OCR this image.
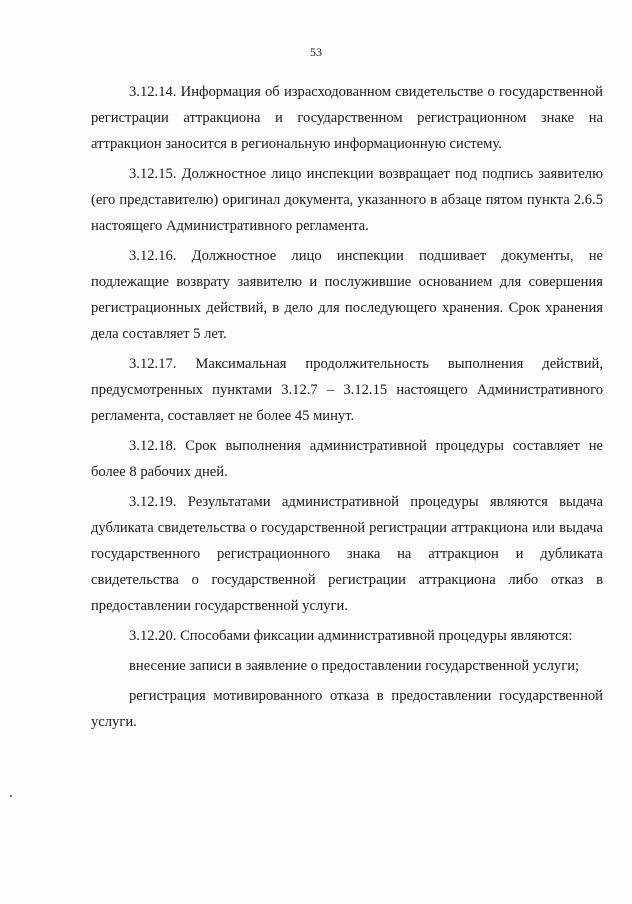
53

3.12.14. Информация об израсходованном свидетельстве о государственной регистрации аттракциона и государственном регистрационном знаке на аттракцион заносится в региональную информационную систему.

3.12.15. Должностное лицо инспекции возвращает под подпись заявителю (его представителю) оригинал документа, указанного в абзаце пятом пункта 2.6.5 настоящего Административного регламента.

3.12.16. Должностное лицо инспекции подшивает документы, не подлежащие возврату заявителю и послужившие основанием для совершения регистрационных действий, в дело для последующего хранения. Срок хранения дела составляет 5 лет.

3.12.17. Максимальная продолжительность выполнения действий, предусмотренных пунктами 3.12.7 – 3.12.15 настоящего Административного регламента, составляет не более 45 минут.

3.12.18. Срок выполнения административной процедуры составляет не более 8 рабочих дней.

3.12.19. Результатами административной процедуры являются выдача дубликата свидетельства о государственной регистрации аттракциона или выдача государственного регистрационного знака на аттракцион и дубликата свидетельства о государственной регистрации аттракциона либо отказ в предоставлении государственной услуги.

3.12.20. Способами фиксации административной процедуры являются:

внесение записи в заявление о предоставлении государственной услуги;

регистрация мотивированного отказа в предоставлении государственной услуги.
